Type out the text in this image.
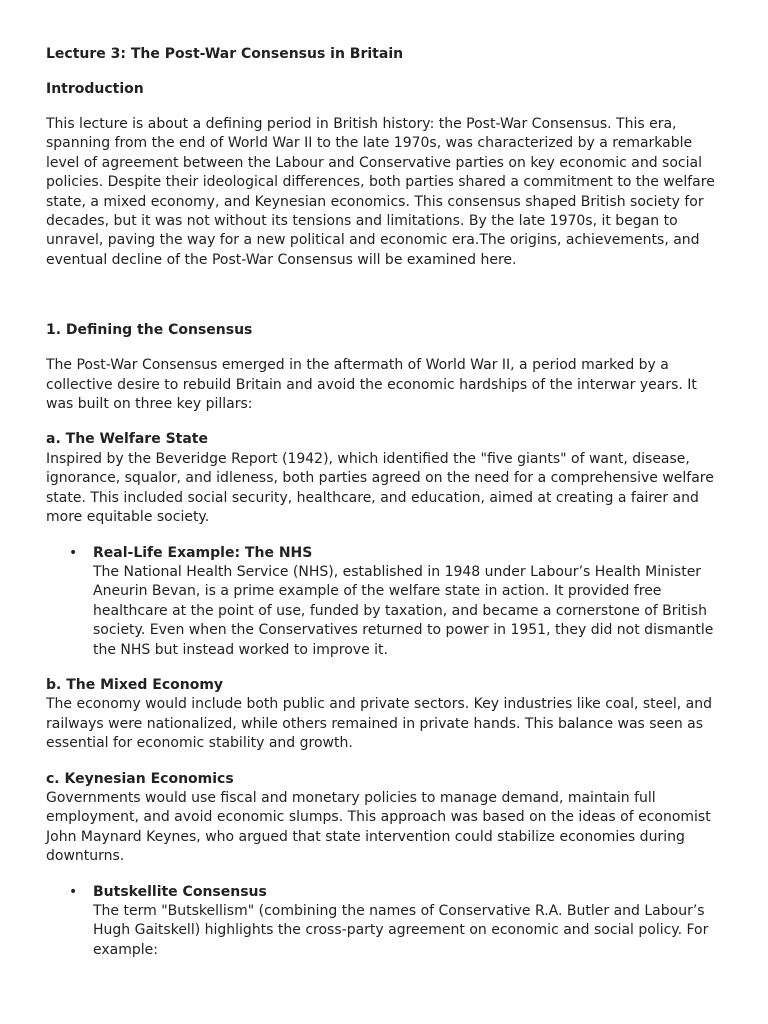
Lecture 3: The Post-War Consensus in Britain
Introduction

This lecture is about a defining period in British history: the Post-War Consensus. This era, spanning from the end of World War II to the late 1970s, was characterized by a remarkable level of agreement between the Labour and Conservative parties on key economic and social policies. Despite their ideological differences, both parties shared a commitment to the welfare state, a mixed economy, and Keynesian economics. This consensus shaped British society for decades, but it was not without its tensions and limitations. By the late 1970s, it began to unravel, paving the way for a new political and economic era.The origins, achievements, and eventual decline of the Post-War Consensus will be examined here.

1. Defining the Consensus

The Post-War Consensus emerged in the aftermath of World War II, a period marked by a collective desire to rebuild Britain and avoid the economic hardships of the interwar years. It was built on three key pillars:

a. The Welfare State

Inspired by the Beveridge Report (1942), which identified the "five giants" of want, disease, ignorance, squalor, and idleness, both parties agreed on the need for a comprehensive welfare state. This included social security, healthcare, and education, aimed at creating a fairer and more equitable society.

• Real-Life Example: The NHS
The National Health Service (NHS), established in 1948 under Labour’s Health Minister Aneurin Bevan, is a prime example of the welfare state in action. It provided free healthcare at the point of use, funded by taxation, and became a cornerstone of British society. Even when the Conservatives returned to power in 1951, they did not dismantle the NHS but instead worked to improve it.
b. The Mixed Economy

The economy would include both public and private sectors. Key industries like coal, steel, and railways were nationalized, while others remained in private hands. This balance was seen as essential for economic stability and growth.

c. Keynesian Economics

Governments would use fiscal and monetary policies to manage demand, maintain full employment, and avoid economic slumps. This approach was based on the ideas of economist John Maynard Keynes, who argued that state intervention could stabilize economies during downturns.

• Butskellite Consensus
The term "Butskellism" (combining the names of Conservative R.A. Butler and Labour’s Hugh Gaitskell) highlights the cross-party agreement on economic and social policy. For example:
